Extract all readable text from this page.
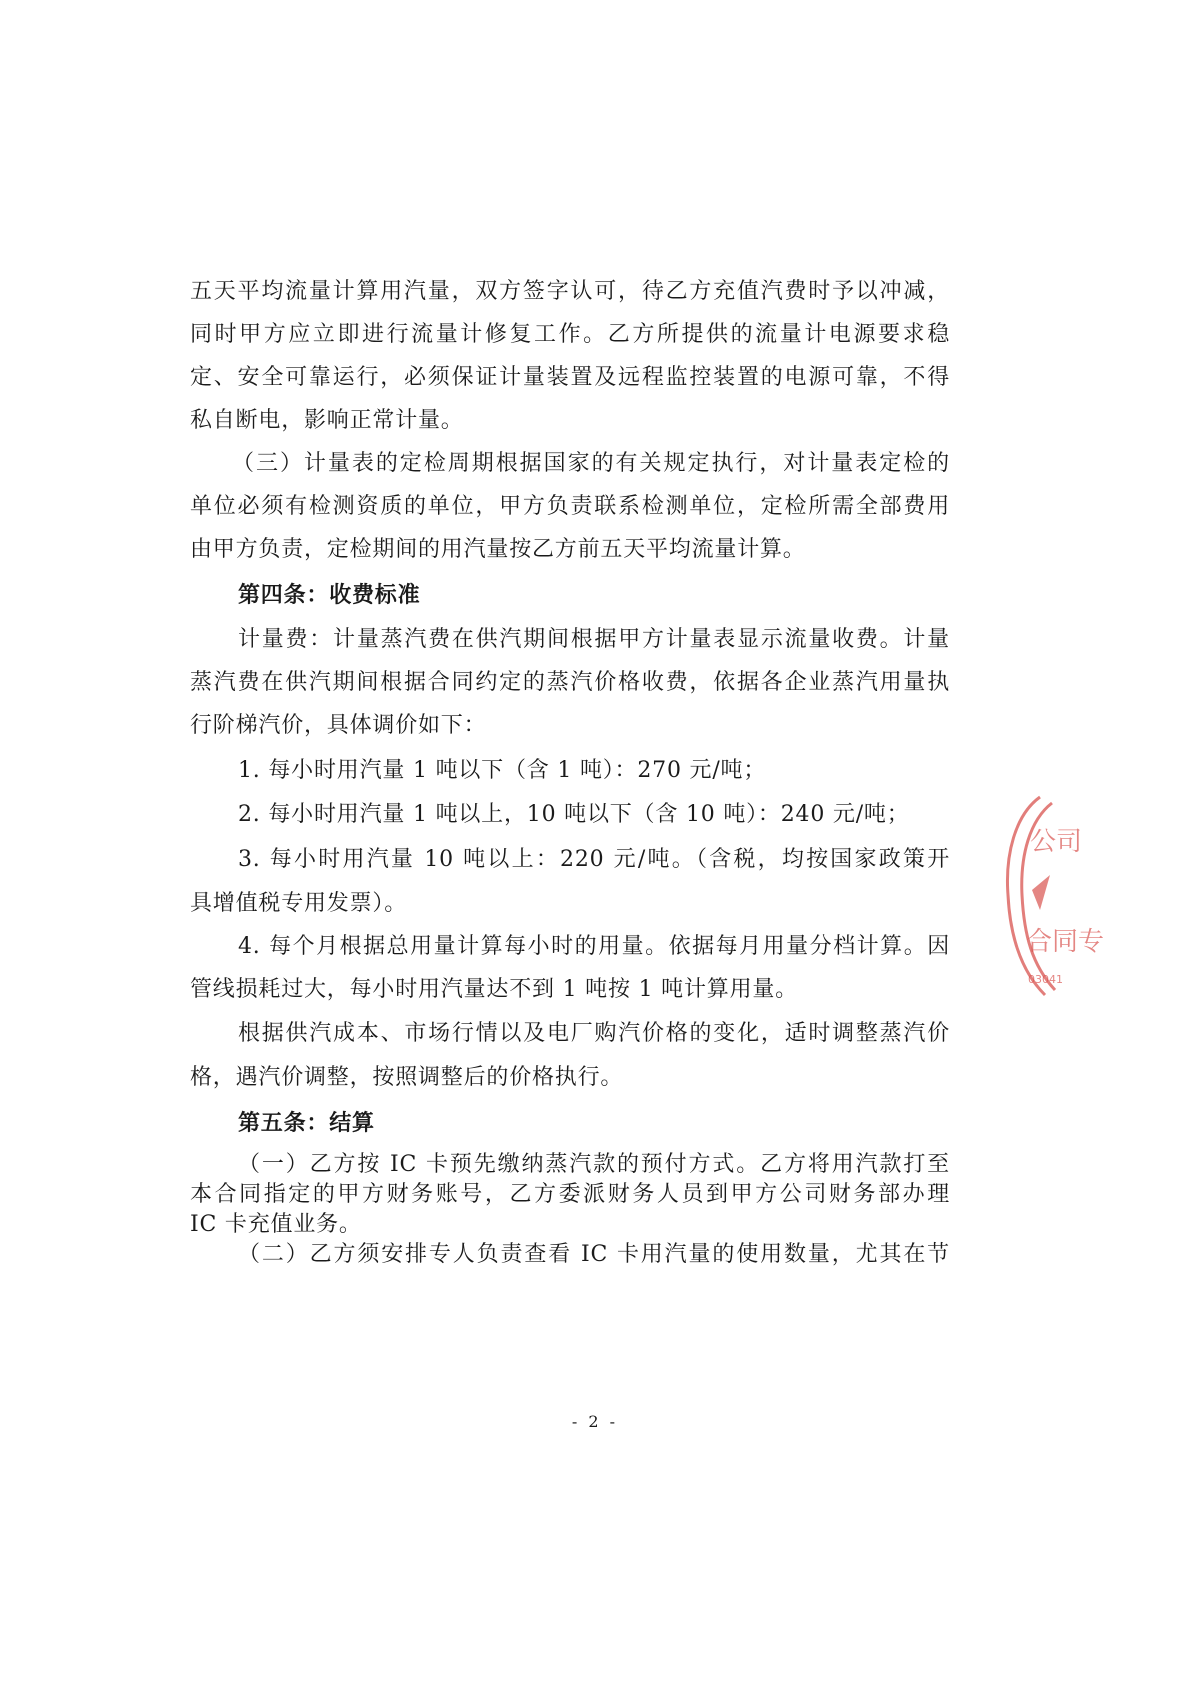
五天平均流量计算用汽量，双方签字认可，待乙方充值汽费时予以冲减，
同时甲方应立即进行流量计修复工作。乙方所提供的流量计电源要求稳
定、安全可靠运行，必须保证计量装置及远程监控装置的电源可靠，不得
私自断电，影响正常计量。
（三）计量表的定检周期根据国家的有关规定执行，对计量表定检的
单位必须有检测资质的单位，甲方负责联系检测单位，定检所需全部费用
由甲方负责，定检期间的用汽量按乙方前五天平均流量计算。
第四条：收费标准
计量费：计量蒸汽费在供汽期间根据甲方计量表显示流量收费。计量
蒸汽费在供汽期间根据合同约定的蒸汽价格收费，依据各企业蒸汽用量执
行阶梯汽价，具体调价如下：
1. 每小时用汽量 1 吨以下（含 1 吨）：270 元/吨；
2. 每小时用汽量 1 吨以上，10 吨以下（含 10 吨）：240 元/吨；
3. 每小时用汽量 10 吨以上：220 元/吨。（含税，均按国家政策开
具增值税专用发票）。
4. 每个月根据总用量计算每小时的用量。依据每月用量分档计算。因
管线损耗过大，每小时用汽量达不到 1 吨按 1 吨计算用量。
根据供汽成本、市场行情以及电厂购汽价格的变化，适时调整蒸汽价
格，遇汽价调整，按照调整后的价格执行。
第五条：结算
（一）乙方按 IC 卡预先缴纳蒸汽款的预付方式。乙方将用汽款打至
本合同指定的甲方财务账号，乙方委派财务人员到甲方公司财务部办理
IC 卡充值业务。
（二）乙方须安排专人负责查看 IC 卡用汽量的使用数量，尤其在节
- 2 -
公司
合同专
03041
